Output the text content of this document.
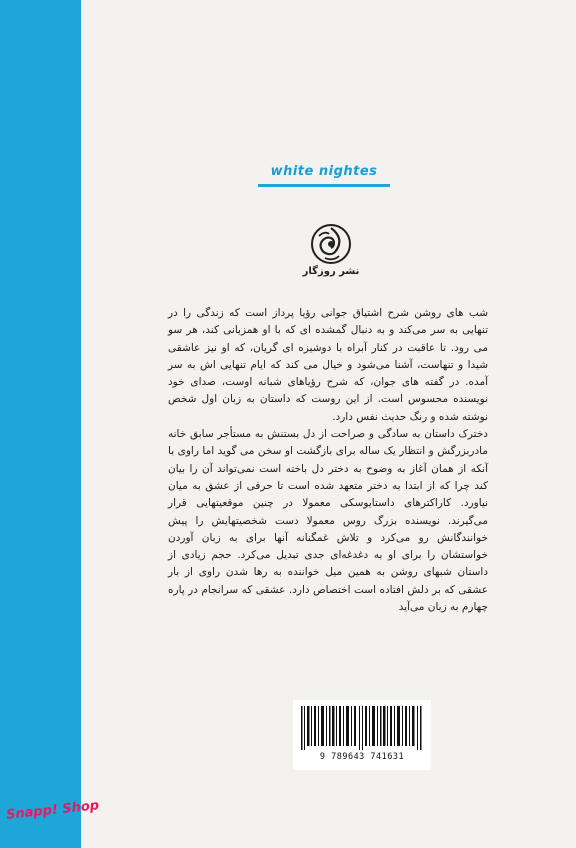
Snapp! Shop
white nightes
نشر روزگار

شب های روشن شرح اشتیاق جوانی رؤیا پرداز است که زندگی را در تنهایی به سر می‌کند و به دنبال گمشده ای که با او همزبانی کند، هر سو می رود. تا عاقبت در کنار آبراه با دوشیزه ای گریان، که او نیز عاشقی شیدا و تنهاست، آشنا می‌شود و خیال می کند که ایام تنهایی اش به سر آمده. در گفته های جوان، که شرح رؤیاهای شبانه اوست، صدای خود نویسنده محسوس است. از این روست که داستان به زبان اول شخص نوشته شده و رنگ حدیث نفس دارد.

دخترک داستان به سادگی و صراحت از دل بستنش به مستأجر سابق خانه مادربزرگش و انتظار یک ساله برای بازگشت او سخن می گوید اما راوی با آنکه از همان آغاز به وضوح به دختر دل باخته است نمی‌تواند آن را بیان کند چرا که از ابتدا به دختر متعهد شده است تا حرفی از عشق به میان نیاورد. کاراکترهای داستایوسکی معمولا در چنین موقعیتهایی قرار می‌گیرند. نویسنده بزرگ روس معمولا دست شخصیتهایش را پیش خوانندگانش رو می‌کرد و تلاش غمگنانه آنها برای به زبان آوردن خواستشان را برای او به دغدغه‌ای جدی تبدیل می‌کرد. حجم زیادی از داستان شبهای روشن به همین میل خواننده به رها شدن راوی از بار عشقی که بر دلش افتاده است اختصاص دارد. عشقی که سرانجام در پاره چهارم به زبان می‌آید

9 789643 741631
